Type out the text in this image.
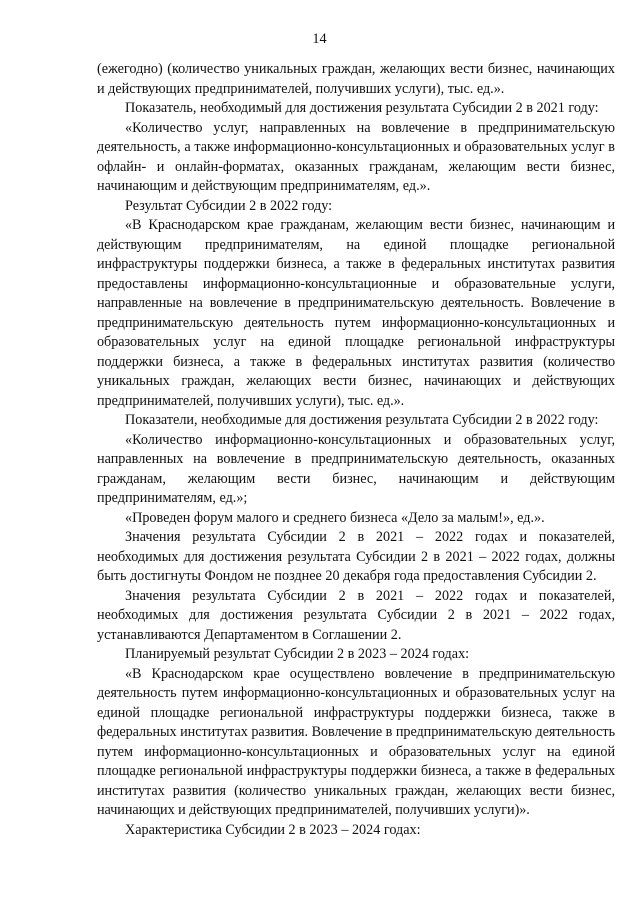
14

(ежегодно) (количество уникальных граждан, желающих вести бизнес, начинающих и действующих предпринимателей, получивших услуги), тыс. ед.».

Показатель, необходимый для достижения результата Субсидии 2 в 2021 году:

«Количество услуг, направленных на вовлечение в предпринимательскую деятельность, а также информационно-консультационных и образовательных услуг в офлайн- и онлайн-форматах, оказанных гражданам, желающим вести бизнес, начинающим и действующим предпринимателям, ед.».

Результат Субсидии 2 в 2022 году:

«В Краснодарском крае гражданам, желающим вести бизнес, начинающим и действующим предпринимателям, на единой площадке региональной инфраструктуры поддержки бизнеса, а также в федеральных институтах развития предоставлены информационно-консультационные и образовательные услуги, направленные на вовлечение в предпринимательскую деятельность. Вовлечение в предпринимательскую деятельность путем информационно-консультационных и образовательных услуг на единой площадке региональной инфраструктуры поддержки бизнеса, а также в федеральных институтах развития (количество уникальных граждан, желающих вести бизнес, начинающих и действующих предпринимателей, получивших услуги), тыс. ед.».

Показатели, необходимые для достижения результата Субсидии 2 в 2022 году:

«Количество информационно-консультационных и образовательных услуг, направленных на вовлечение в предпринимательскую деятельность, оказанных гражданам, желающим вести бизнес, начинающим и действующим предпринимателям, ед.»;

«Проведен форум малого и среднего бизнеса «Дело за малым!», ед.».

Значения результата Субсидии 2 в 2021 – 2022 годах и показателей, необходимых для достижения результата Субсидии 2 в 2021 – 2022 годах, должны быть достигнуты Фондом не позднее 20 декабря года предоставления Субсидии 2.

Значения результата Субсидии 2 в 2021 – 2022 годах и показателей, необходимых для достижения результата Субсидии 2 в 2021 – 2022 годах, устанавливаются Департаментом в Соглашении 2.

Планируемый результат Субсидии 2 в 2023 – 2024 годах:

«В Краснодарском крае осуществлено вовлечение в предпринимательскую деятельность путем информационно-консультационных и образовательных услуг на единой площадке региональной инфраструктуры поддержки бизнеса, также в федеральных институтах развития. Вовлечение в предпринимательскую деятельность путем информационно-консультационных и образовательных услуг на единой площадке региональной инфраструктуры поддержки бизнеса, а также в федеральных институтах развития (количество уникальных граждан, желающих вести бизнес, начинающих и действующих предпринимателей, получивших услуги)».

Характеристика Субсидии 2 в 2023 – 2024 годах:
